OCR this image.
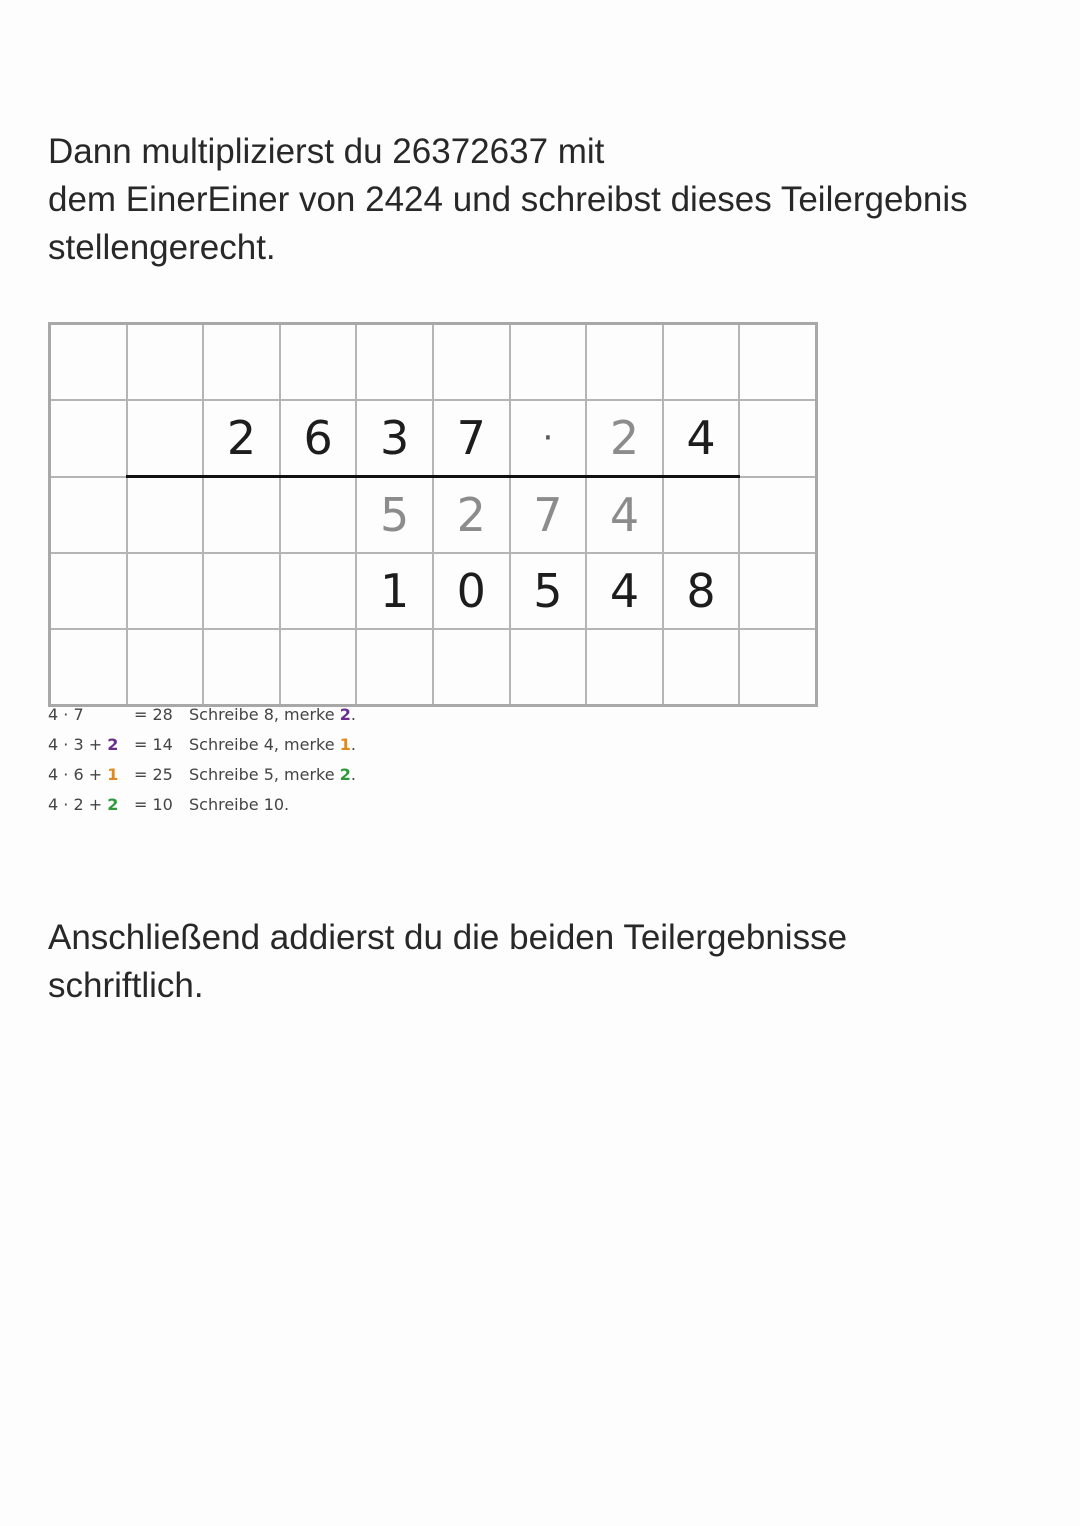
Dann multiplizierst du 26372637 mit
dem EinerEiner von 2424 und schreibst dieses Teilergebnis
stellengerecht.

		2	6	3	7	·	2	4	
				5	2	7	4		
				1	0	5	4	8	

4 · 7	= 28 Schreibe 8, merke 2.
4 · 3 + 2 = 14 Schreibe 4, merke 1.
4 · 6 + 1 = 25 Schreibe 5, merke 2.
4 · 2 + 2 = 10 Schreibe 10.

Anschließend addierst du die beiden Teilergebnisse
schriftlich.
